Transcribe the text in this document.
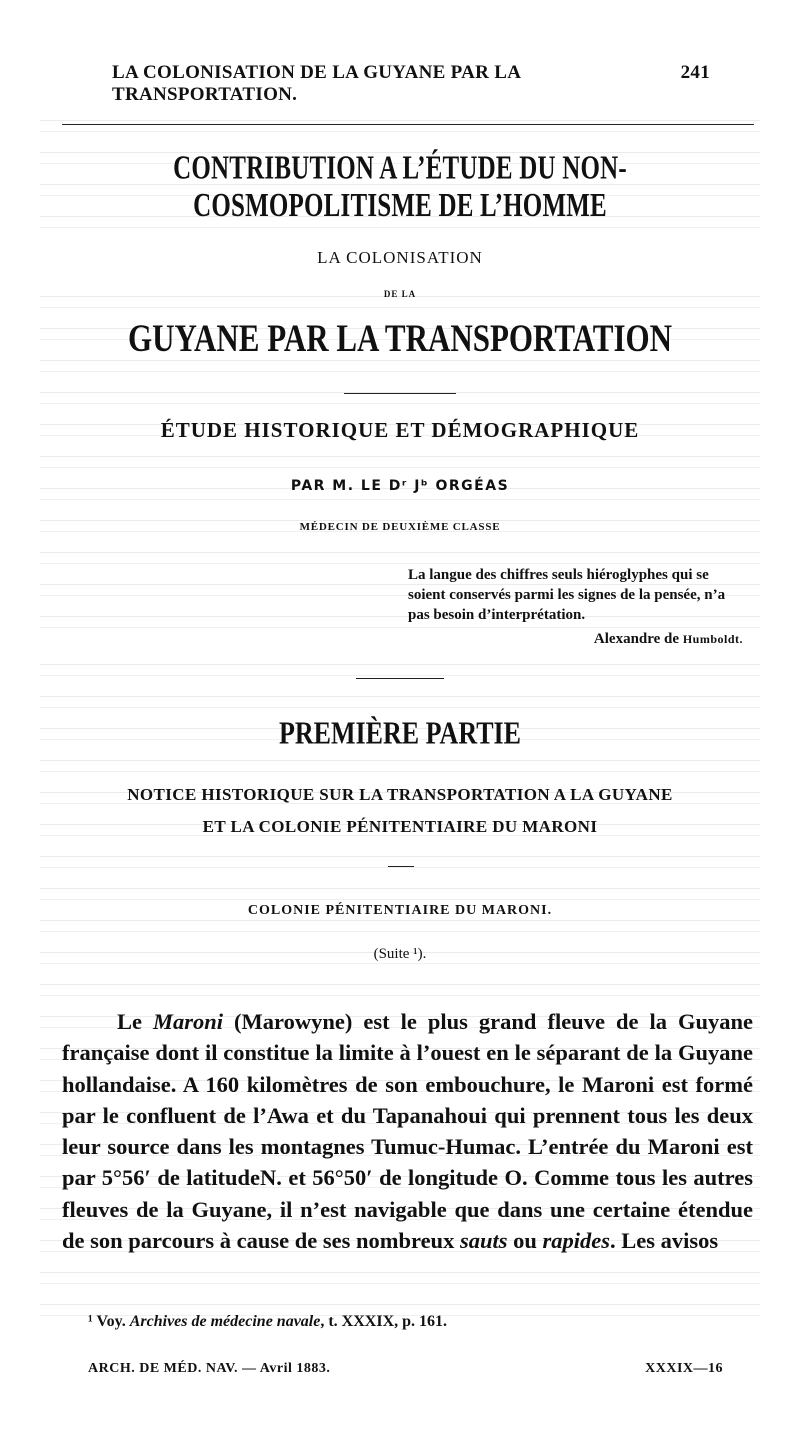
LA COLONISATION DE LA GUYANE PAR LA TRANSPORTATION.
241
CONTRIBUTION A L’ÉTUDE DU NON-COSMOPOLITISME DE L’HOMME
LA COLONISATION
DE LA
GUYANE PAR LA TRANSPORTATION
ÉTUDE HISTORIQUE ET DÉMOGRAPHIQUE
PAR M. LE Dʳ Jᵇ ORGÉAS
MÉDECIN DE DEUXIÈME CLASSE
La langue des chiffres seuls hiéroglyphes qui se soient conservés parmi les signes de la pensée, n’a pas besoin d’interprétation.
Alexandre de Humboldt.
PREMIÈRE PARTIE
NOTICE HISTORIQUE SUR LA TRANSPORTATION A LA GUYANE
ET LA COLONIE PÉNITENTIAIRE DU MARONI
COLONIE PÉNITENTIAIRE DU MARONI.
(Suite ¹).

Le Maroni (Marowyne) est le plus grand fleuve de la Guyane française dont il constitue la limite à l’ouest en le séparant de la Guyane hollandaise. A 160 kilomètres de son embouchure, le Maroni est formé par le confluent de l’Awa et du Tapanahoui qui prennent tous les deux leur source dans les montagnes Tumuc-Humac. L’entrée du Maroni est par 5°56′ de latitudeN. et 56°50′ de longitude O. Comme tous les autres fleuves de la Guyane, il n’est navigable que dans une certaine étendue de son parcours à cause de ses nombreux sauts ou rapides. Les avisos

¹ Voy. Archives de médecine navale, t. XXXIX, p. 161.
ARCH. DE MÉD. NAV. — Avril 1883.	XXXIX—16
